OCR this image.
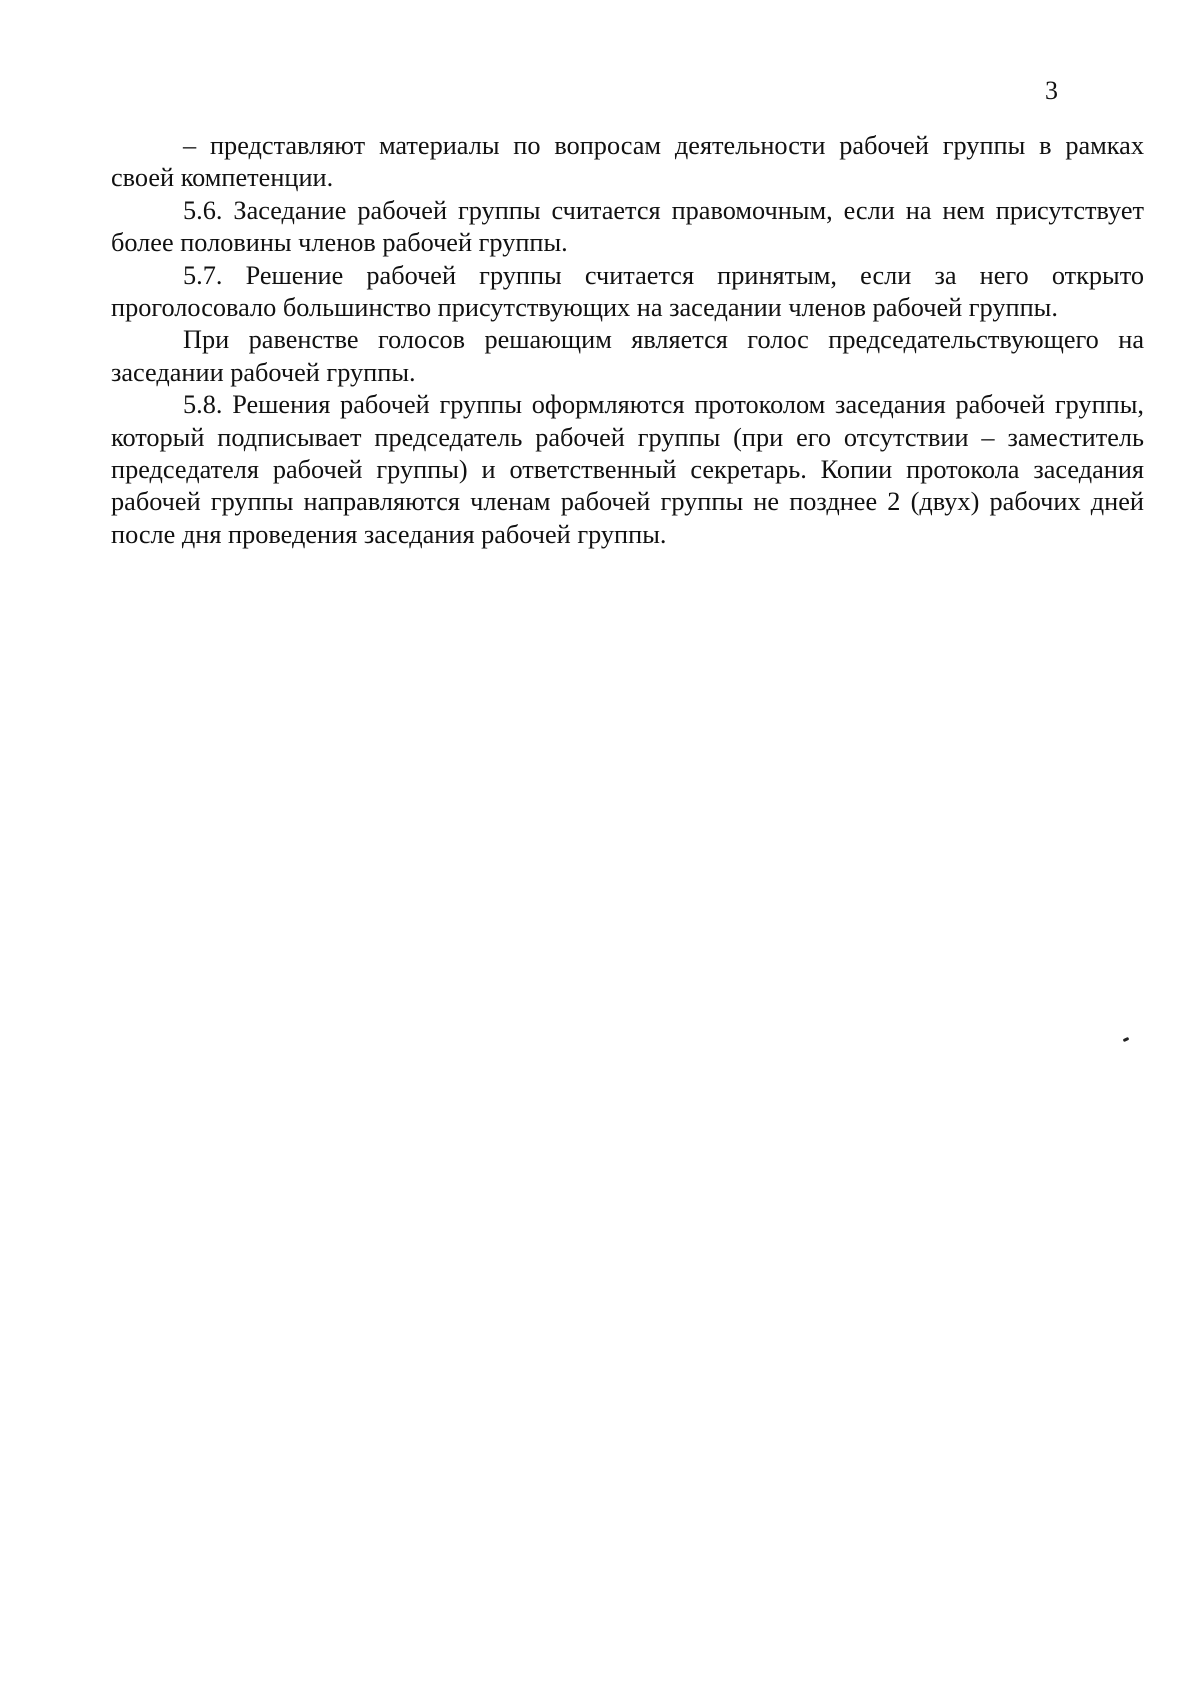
3

– представляют материалы по вопросам деятельности рабочей группы в рамках своей компетенции.

5.6. Заседание рабочей группы считается правомочным, если на нем присутствует более половины членов рабочей группы.

5.7. Решение рабочей группы считается принятым, если за него открыто проголосовало большинство присутствующих на заседании членов рабочей группы.

При равенстве голосов решающим является голос председательствующего на заседании рабочей группы.

5.8. Решения рабочей группы оформляются протоколом заседания рабочей группы, который подписывает председатель рабочей группы (при его отсутствии – заместитель председателя рабочей группы) и ответственный секретарь. Копии протокола заседания рабочей группы направляются членам рабочей группы не позднее 2 (двух) рабочих дней после дня проведения заседания рабочей группы.
